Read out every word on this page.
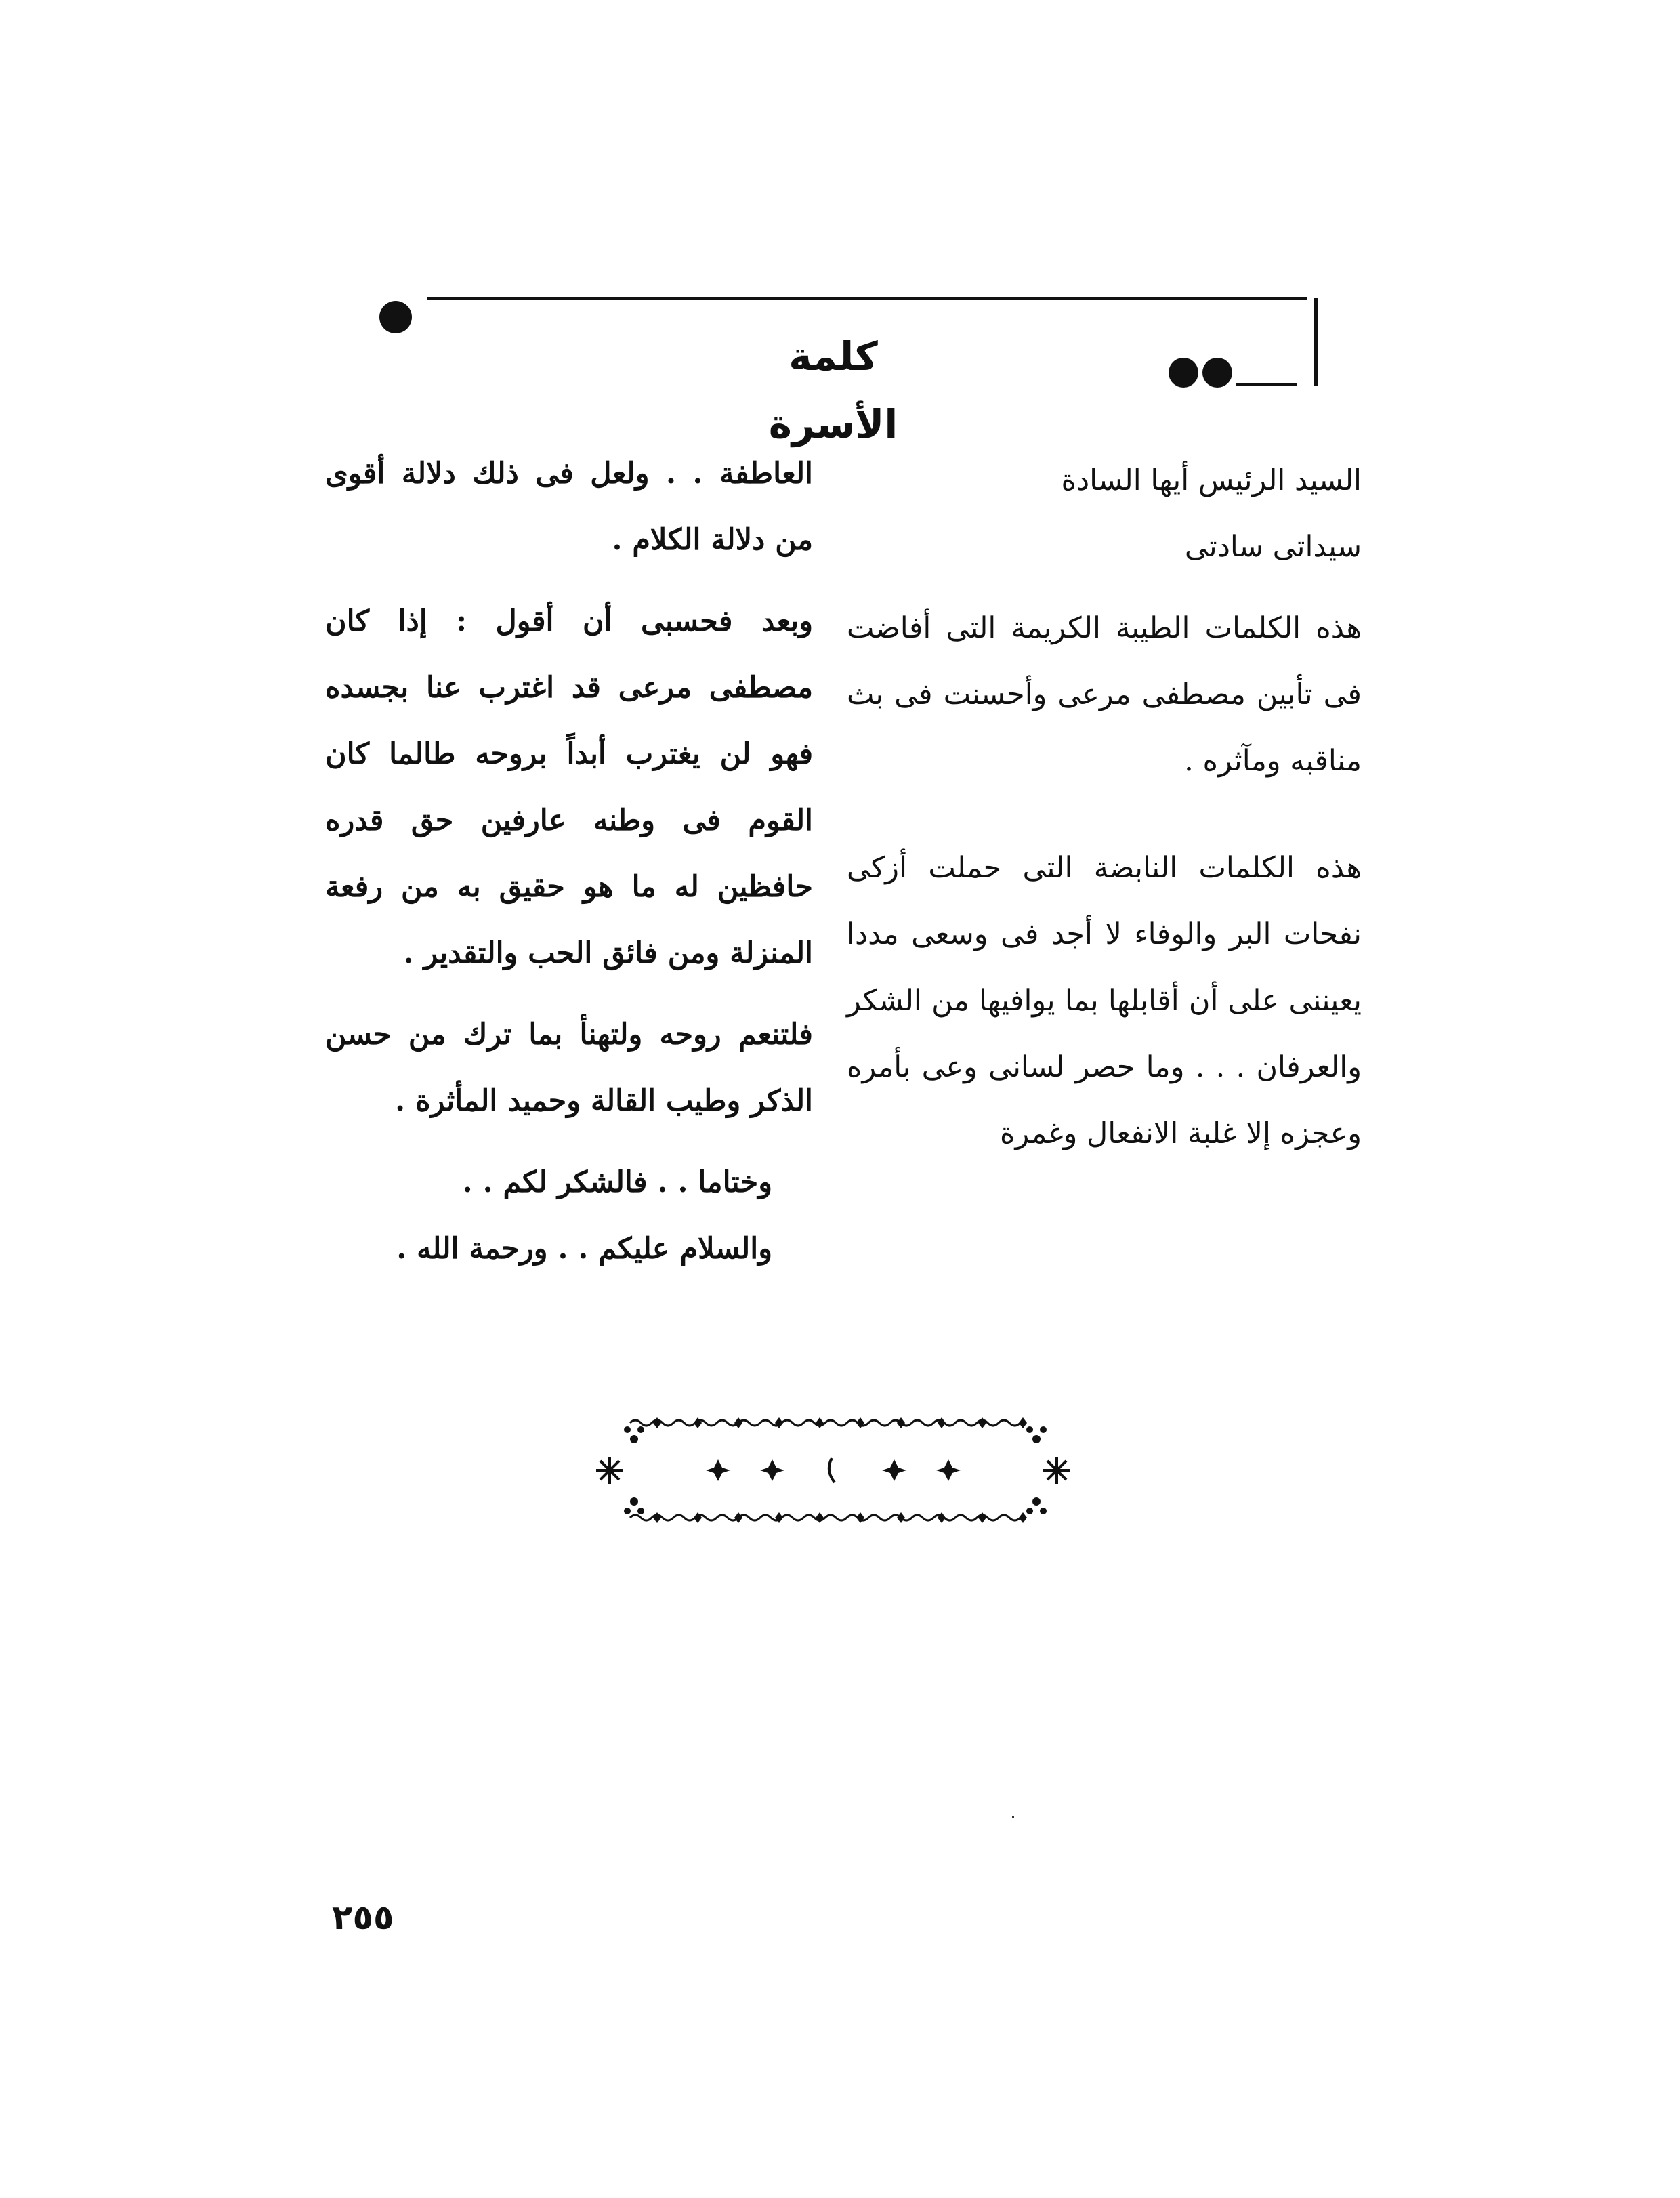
كلمة الأسرة

السيد الرئيس أيها السادة

سيداتى سادتى

هذه الكلمات الطيبة الكريمة التى أفاضت فى تأبين مصطفى مرعى وأحسنت فى بث مناقبه ومآثره .

هذه الكلمات النابضة التى حملت أزكى نفحات البر والوفاء لا أجد فى وسعى مددا يعيننى على أن أقابلها بما يوافيها من الشكر والعرفان . . . وما حصر لسانى وعى بأمره وعجزه إلا غلبة الانفعال وغمرة

العاطفة . . ولعل فى ذلك دلالة أقوى من دلالة الكلام .

وبعد فحسبى أن أقول : إذا كان مصطفى مرعى قد اغترب عنا بجسده فهو لن يغترب أبداً بروحه طالما كان القوم فى وطنه عارفين حق قدره حافظين له ما هو حقيق به من رفعة المنزلة ومن فائق الحب والتقدير .

فلتنعم روحه ولتهنأ بما ترك من حسن الذكر وطيب القالة وحميد المأثرة .

وختاما . . فالشكر لكم . .

والسلام عليكم . . ورحمة الله .

٢٥٥
